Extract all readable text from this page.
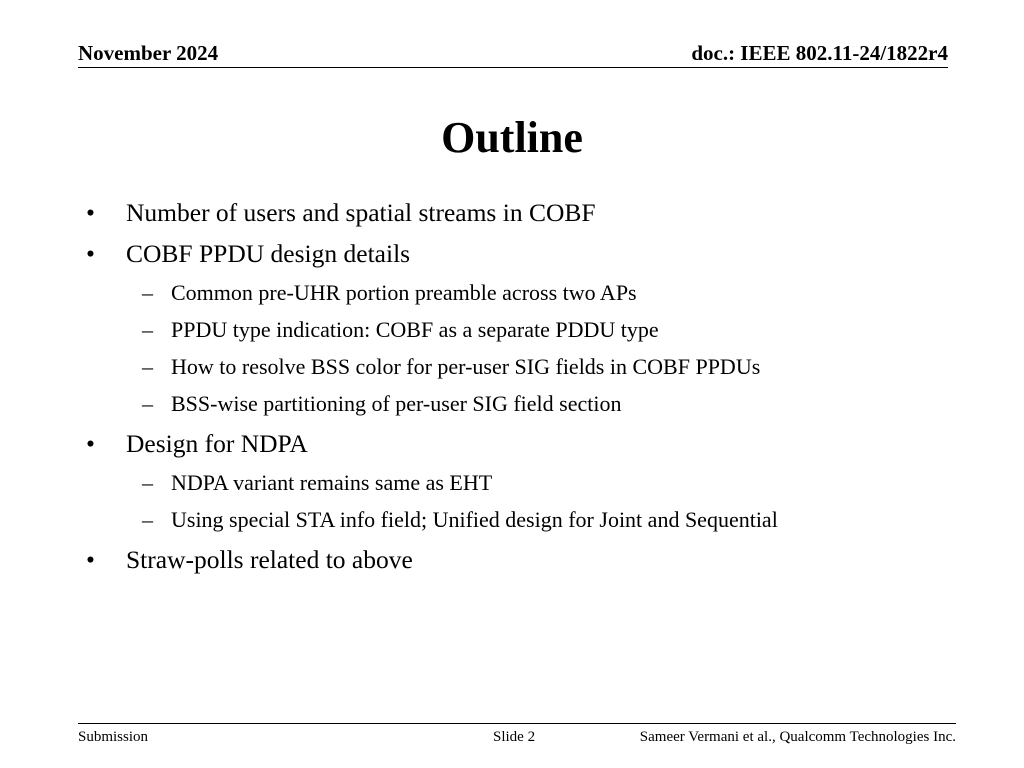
November 2024	doc.: IEEE 802.11-24/1822r4
Outline
•	Number of users and spatial streams in COBF
•	COBF PPDU design details
– Common pre-UHR portion preamble across two APs
– PPDU type indication: COBF as a separate PDDU type
– How to resolve BSS color for per-user SIG fields in COBF PPDUs
– BSS-wise partitioning of per-user SIG field section
•	Design for NDPA
– NDPA variant remains same as EHT
– Using special STA info field; Unified design for Joint and Sequential
•	Straw-polls related to above
Submission	Slide 2	Sameer Vermani et al., Qualcomm Technologies Inc.
